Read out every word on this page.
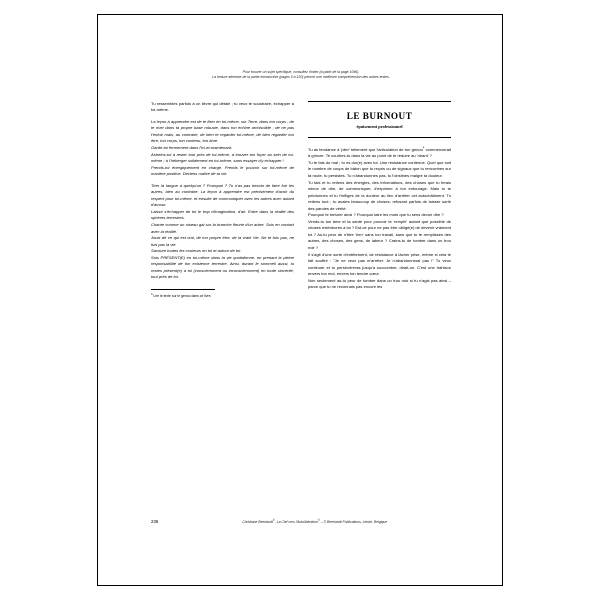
Pour trouver un sujet spécifique, consultez l'index (à partir de la page 1096).
La lecture attentive de la partie introductive (pages 5 à 120) permet une meilleure compréhension des autres textes.

Tu ressembles parfois à un lièvre qui détale ; tu veux te soustraire, échapper à toi-même.

La leçon à apprendre est de te fixer en toi-même, sur Terre, dans ton corps ; de te river dans ta propre base robuste, dans ton échine archisolide ; de ne pas t'enfuir mais, au contraire, de bien te regarder toi-même, de bien regarder ton être, ton corps, ton contenu, ton âme.

Garde-toi fermement dans l'ici-et-maintenant.

Astreins-toi à rester tout près de toi-même, à trouver ton foyer au sein de toi-même ; à l'héberger solidement en toi-même, sans essayer d'y échapper !

Prends-toi énergiquement en charge. Prends le pouvoir sur toi-même de manière positive. Deviens maître de ta vie.

Tirer la langue à quelqu'un ? Pourquoi ? Tu n'as pas besoin de faire fuir les autres, bien au contraire. La leçon à apprendre est précisément d'avoir du respect pour toi-même, et ensuite de communiquer avec les autres avec autant d'amour.

Laisse s'échapper de toi le trop d'imagination, d'air. Entre dans la réalité des sphères terrestres.

Chante comme un oiseau gai sur la branche fleurie d'un arbre. Sois en contact avec la réalité.

Jouis de ce qui est vrai, de ton propre être, de la vraie Vie. Ne te fuis pas, ne fuis pas la vie.

Savoure toutes les couleurs en toi et autour de toi.

Sois PRÉSENT(E) en toi-même dans la vie quotidienne, en prenant la pleine responsabilité de ton existence terrestre. Ainsi, durant le sommeil aussi, tu restes présent(e) à toi (consciemment ou inconsciemment) en toute sincérité, tout près de toi.

$^4$ Lire le texte sur le genou dans ce livre.
LE BURNOUT
épuisement professionnel

Tu as tendance à 'plier' tellement que l'articulation de ton genou$^4$ commencerait à grincer. Te courbes-tu dans la vie au point de te réduire au 'néant' ?

Tu te fais du mal ; tu es dur(e) avec toi. Une résistance contenue. Quel que soit le nombre de coups de bâton que tu reçois ou de signaux que tu rencontres sur ta route, tu persistes. Tu n'abandonnes pas, tu t'obstines malgré ta douleur.

Tu tais et tu retiens des énergies, des informations, des choses que tu ferais mieux de dire, de communiquer, d'exprimer à ton entourage. Mais tu te pelotonnes et tu t'infliges de la douleur au lieu d'arrêter cet autochâtiment. Tu retiens tout ; tu avales beaucoup de choses, refusant parfois de laisser sortir des paroles de vérité.

Pourquoi te torturer ainsi ? Pourquoi taire les mots que tu sens devoir dire ?

Vends-tu ton âme et ta santé pour pouvoir te 'remplir' autant que possible de choses extérieures à toi ? Est-ce pour ne pas être obligé(e) de devenir vraiment toi ? As-tu peur de n'être 'rien' sans ton travail, sans que tu te remplisses des autres, des choses, des gens, de labeur ? Crains-tu de tomber dans un trou noir ?

Il s'agit d'une sorte d'entêtement, de résistance à lâcher prise, même si cela te fait souffrir : "Je ne veux pas m'arrêter. Je n'abandonnerai pas !" Tu veux continuer et tu persévéreras jusqu'à succomber, dirait-on. C'est une trahison envers ton moi, envers ton tendre cœur.

Non seulement as-tu peur de tomber dans un trou noir si tu n'agis pas ainsi – parce que tu ne reconnais pas encore les

236	Christiane Beerlandt®, La Clef vers l'Autolibération® – © Beerlandt Publications, Lierde, Belgique
